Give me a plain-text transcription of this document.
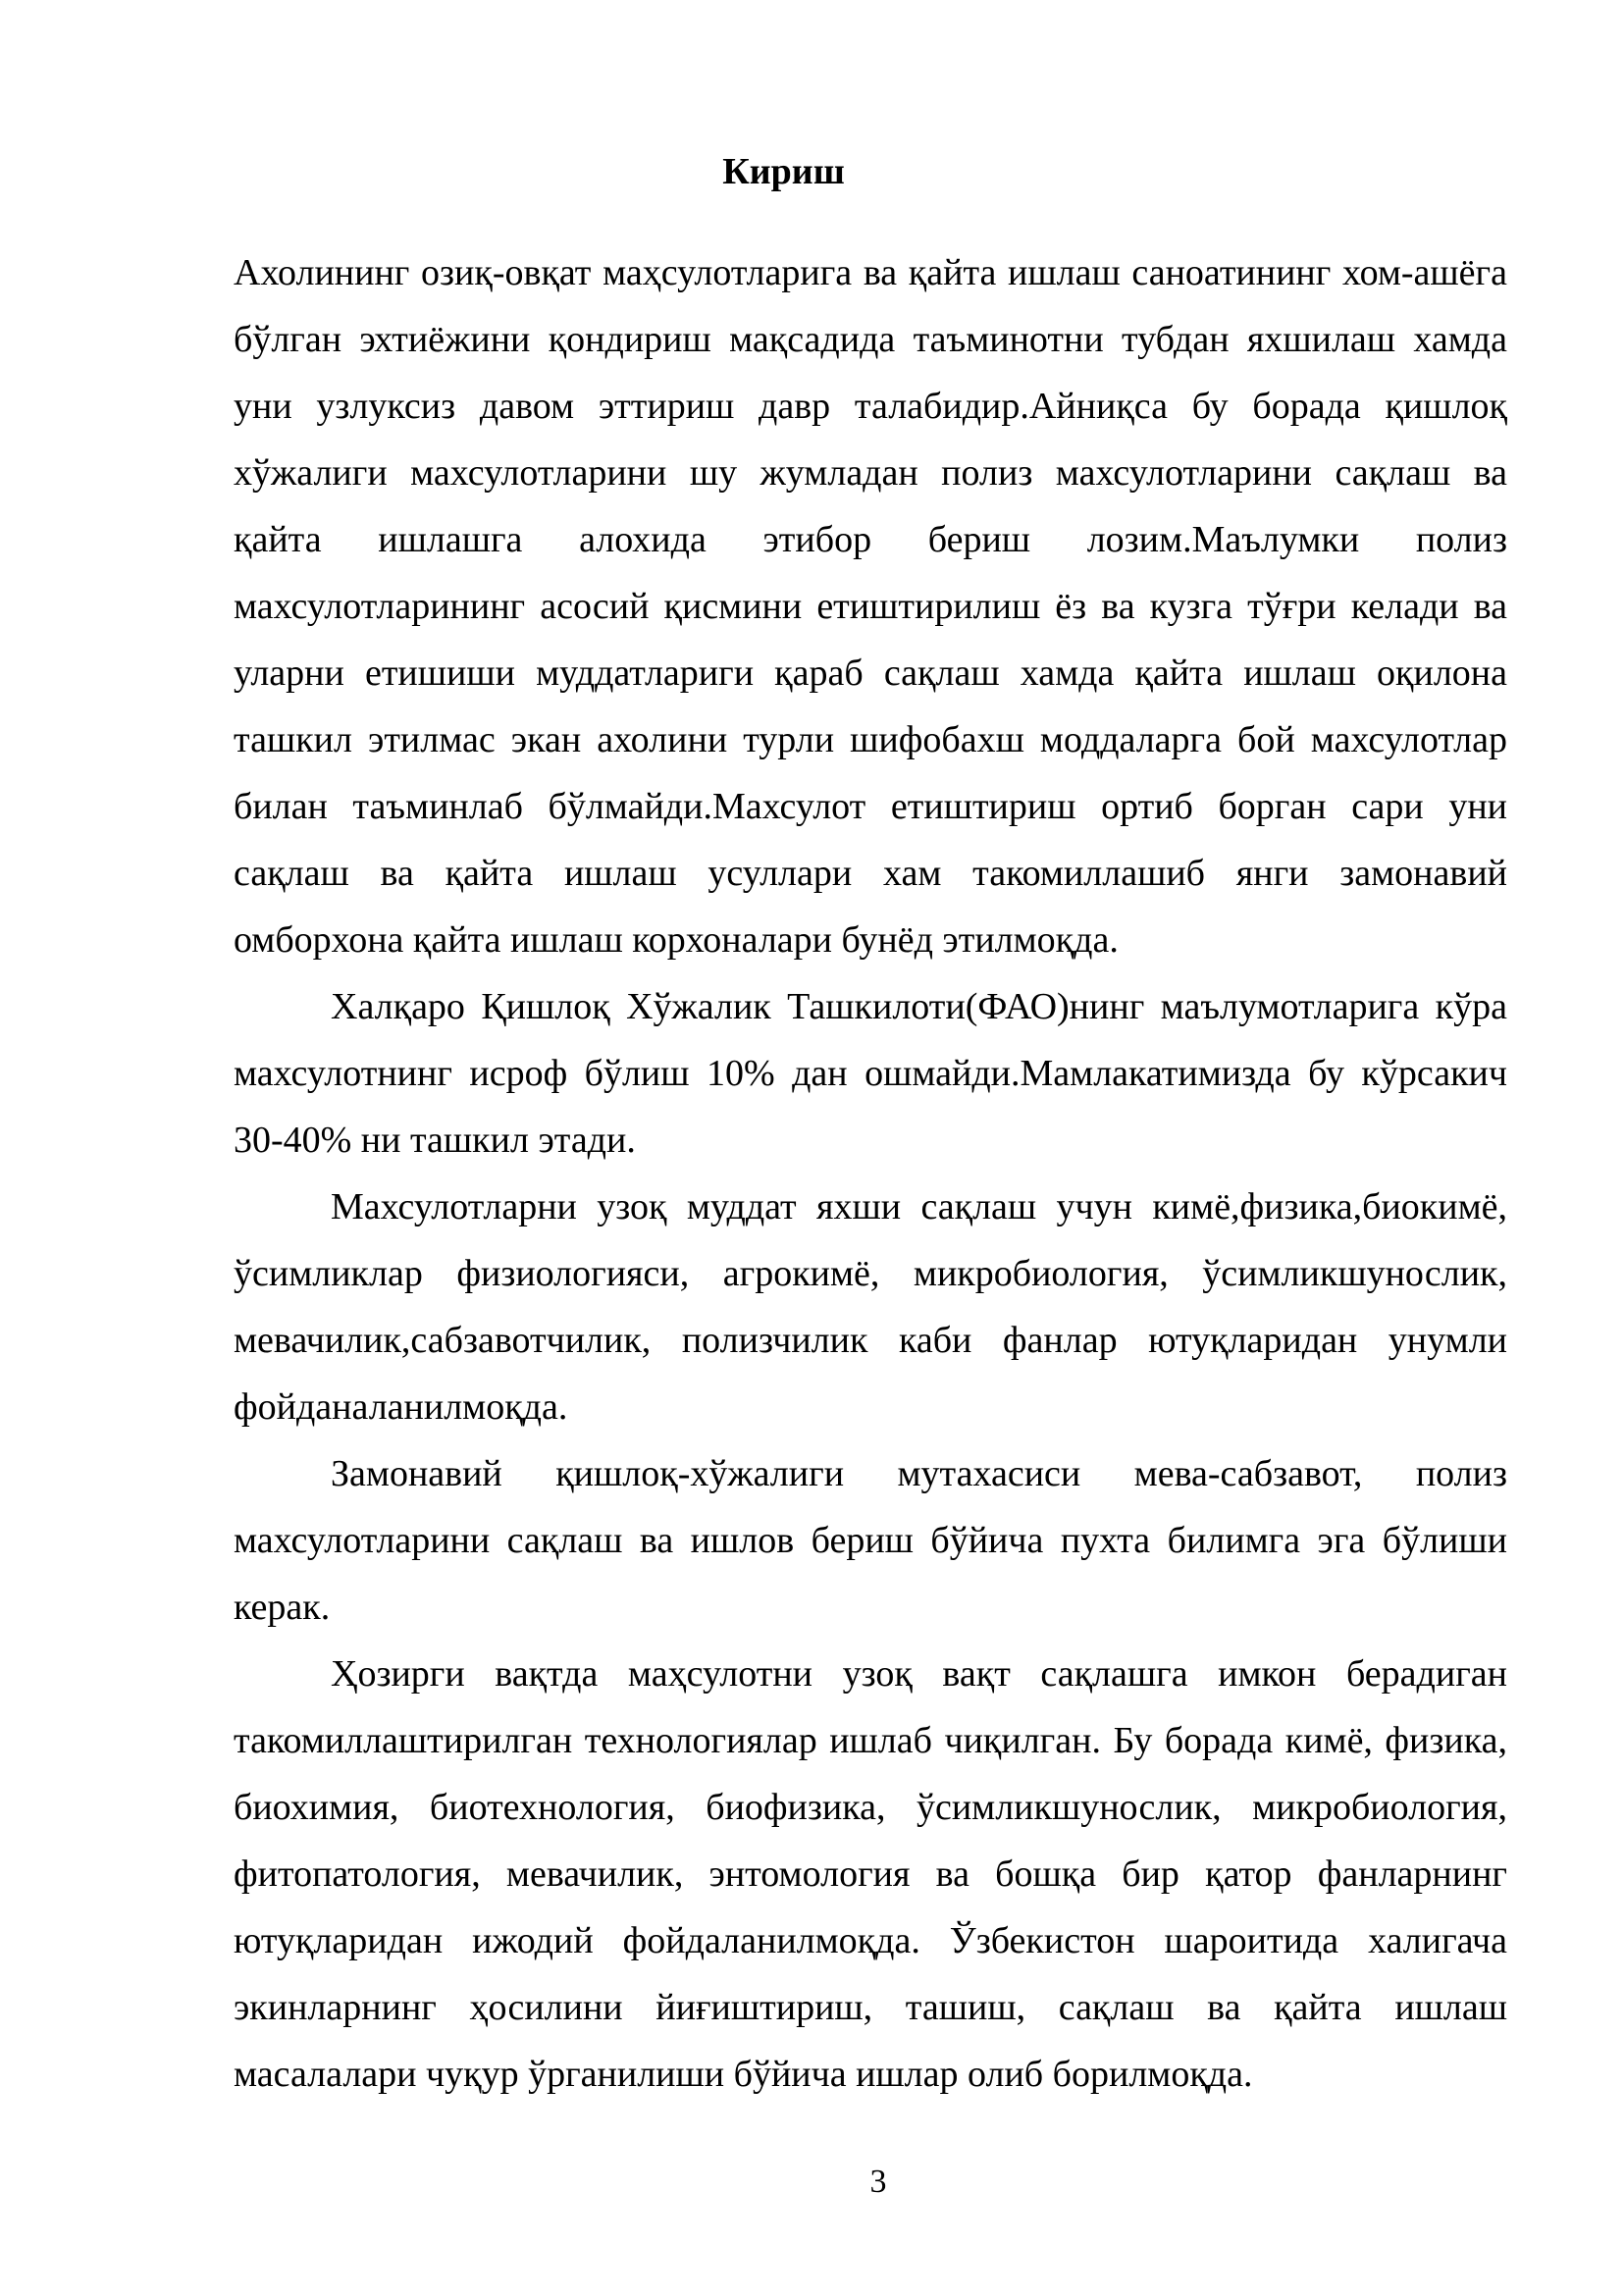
Кириш

Ахолининг озиқ-овқат маҳсулотларига ва қайта ишлаш саноатининг хом-ашёга бўлган эхтиёжини қондириш мақсадида таъминотни тубдан яхшилаш хамда уни узлуксиз давом эттириш давр талабидир.Айниқса бу борада қишлоқ хўжалиги махсулотларини шу жумладан полиз махсулотларини сақлаш ва қайта ишлашга алохида этибор бериш лозим.Маълумки полиз махсулотларининг асосий қисмини етиштирилиш ёз ва кузга тўғри келади ва уларни етишиши муддатлариги қараб сақлаш хамда қайта ишлаш оқилона ташкил этилмас экан ахолини турли шифобахш моддаларга бой махсулотлар билан таъминлаб бўлмайди.Махсулот етиштириш ортиб борган сари уни сақлаш ва қайта ишлаш усуллари хам такомиллашиб янги замонавий омборхона қайта ишлаш корхоналари бунёд этилмоқда.

Халқаро Қишлоқ Хўжалик Ташкилоти(ФАО)нинг маълумотларига кўра махсулотнинг исроф бўлиш 10% дан ошмайди.Мамлакатимизда бу кўрсакич 30-40% ни ташкил этади.

Махсулотларни узоқ муддат яхши сақлаш учун кимё,физика,биокимё, ўсимликлар физиологияси, агрокимё, микробиология, ўсимликшунослик, мевачилик,сабзавотчилик, полизчилик каби фанлар ютуқларидан унумли фойданаланилмоқда.

Замонавий қишлоқ-хўжалиги мутахасиси мева-сабзавот, полиз махсулотларини сақлаш ва ишлов бериш бўйича пухта билимга эга бўлиши керак.

Ҳозирги вақтда маҳсулотни узоқ вақт сақлашга имкон берадиган такомиллаштирилган технологиялар ишлаб чиқилган. Бу борада кимё, физика, биохимия, биотехнология, биофизика, ўсимликшунослик, микробиология, фитопатология, мевачилик, энтомология ва бошқа бир қатор фанларнинг ютуқларидан ижодий фойдаланилмоқда. Ўзбекистон шароитида халигача экинларнинг ҳосилини йиғиштириш, ташиш, сақлаш ва қайта ишлаш масалалари чуқур ўрганилиши бўйича ишлар олиб борилмоқда.

3
